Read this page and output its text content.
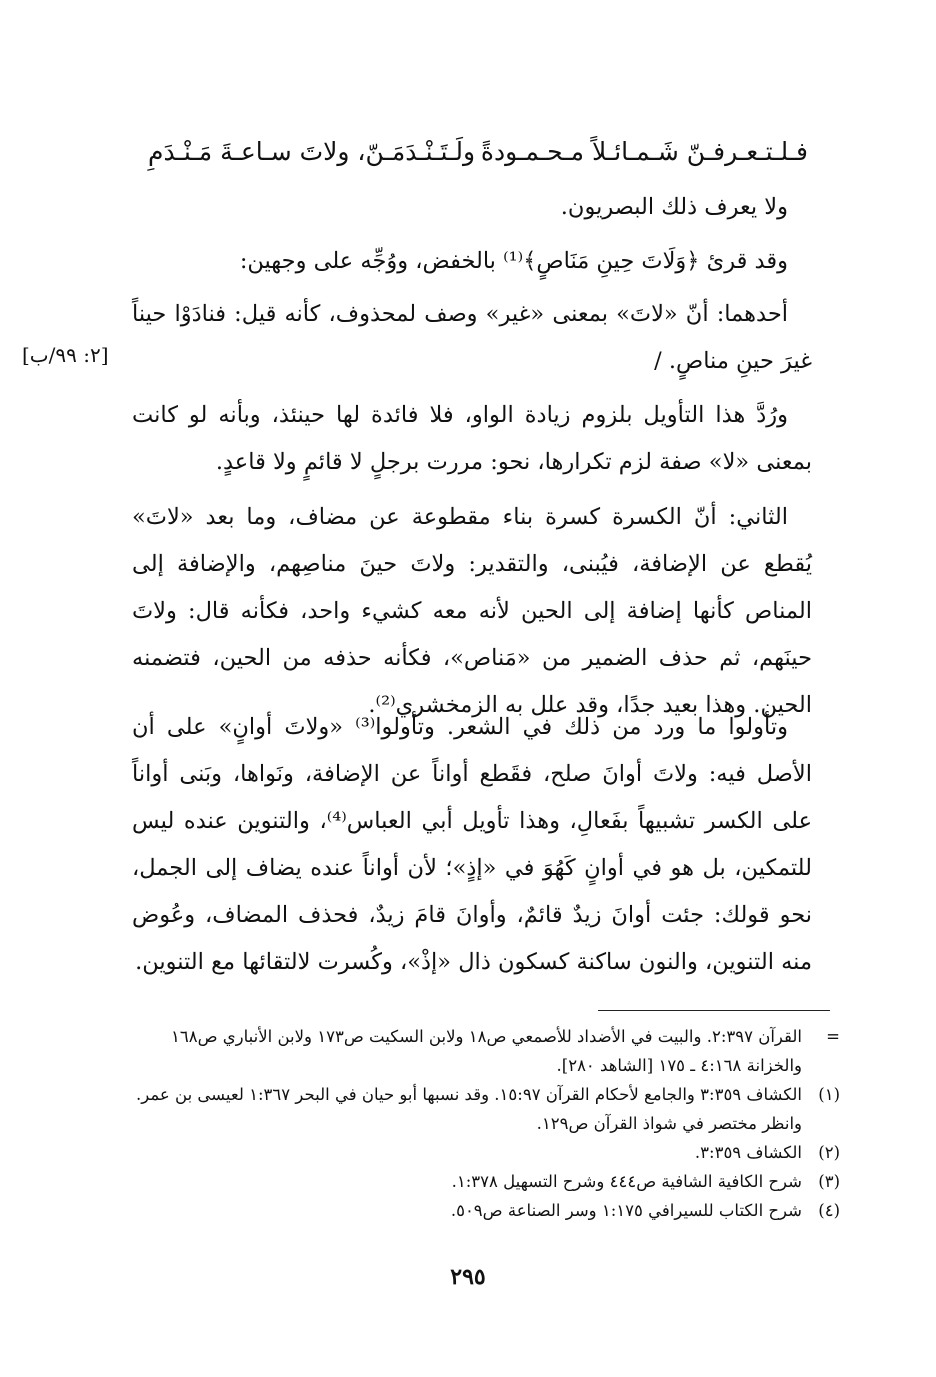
فـلـتـعـرفـنّ شَـمـائـلاً مـحـمـودةً
ولَـتَـنْـدَمَـنّ، ولاتَ سـاعـةَ مَـنْـدَمِ
ولا يعرف ذلك البصريون.
وقد قرئ ﴿وَلَاتَ حِينِ مَنَاصٍ﴾⁽¹⁾ بالخفض، ووُجِّه على وجهين:
أحدهما: أنّ «لاتَ» بمعنى «غير» وصف لمحذوف، كأنه قيل: فنادَوْا حيناً غيرَ حينِ مناصٍ. /
[٢: ٩٩/ب]
ورُدَّ هذا التأويل بلزوم زيادة الواو، فلا فائدة لها حينئذ، وبأنه لو كانت بمعنى «لا» صفة لزم تكرارها، نحو: مررت برجلٍ لا قائمٍ ولا قاعدٍ.
الثاني: أنّ الكسرة كسرة بناء مقطوعة عن مضاف، وما بعد «لاتَ» يُقطع عن الإضافة، فيُبنى، والتقدير: ولاتَ حينَ مناصِهم، والإضافة إلى المناص كأنها إضافة إلى الحين لأنه معه كشيء واحد، فكأنه قال: ولاتَ حينَهم، ثم حذف الضمير من «مَناص»، فكأنه حذفه من الحين، فتضمنه الحين. وهذا بعيد جدًا، وقد علل به الزمخشري⁽²⁾.
وتأولوا ما ورد من ذلك في الشعر. وتأولوا⁽³⁾ «ولاتَ أوانٍ» على أن الأصل فيه: ولاتَ أوانَ صلح، فقَطع أواناً عن الإضافة، ونَواها، وبَنى أواناً على الكسر تشبيهاً بفَعالِ، وهذا تأويل أبي العباس⁽⁴⁾، والتنوين عنده ليس للتمكين، بل هو في أوانٍ كَهُوَ في «إذٍ»؛ لأن أواناً عنده يضاف إلى الجمل، نحو قولك: جئت أوانَ زيدٌ قائمٌ، وأوانَ قامَ زيدٌ، فحذف المضاف، وعُوض منه التنوين، والنون ساكنة كسكون ذال «إذْ»، وكُسرت لالتقائها مع التنوين.
=
القرآن ٢:٣٩٧. والبيت في الأضداد للأصمعي ص١٨ ولابن السكيت ص١٧٣ ولابن الأنباري ص١٦٨ والخزانة ٤:١٦٨ ـ ١٧٥ [الشاهد ٢٨٠].
(١)
الكشاف ٣:٣٥٩ والجامع لأحكام القرآن ١٥:٩٧. وقد نسبها أبو حيان في البحر ١:٣٦٧ لعيسى بن عمر. وانظر مختصر في شواذ القرآن ص١٢٩.
(٢)
الكشاف ٣:٣٥٩.
(٣)
شرح الكافية الشافية ص٤٤٤ وشرح التسهيل ١:٣٧٨.
(٤)
شرح الكتاب للسيرافي ١:١٧٥ وسر الصناعة ص٥٠٩.
٢٩٥
